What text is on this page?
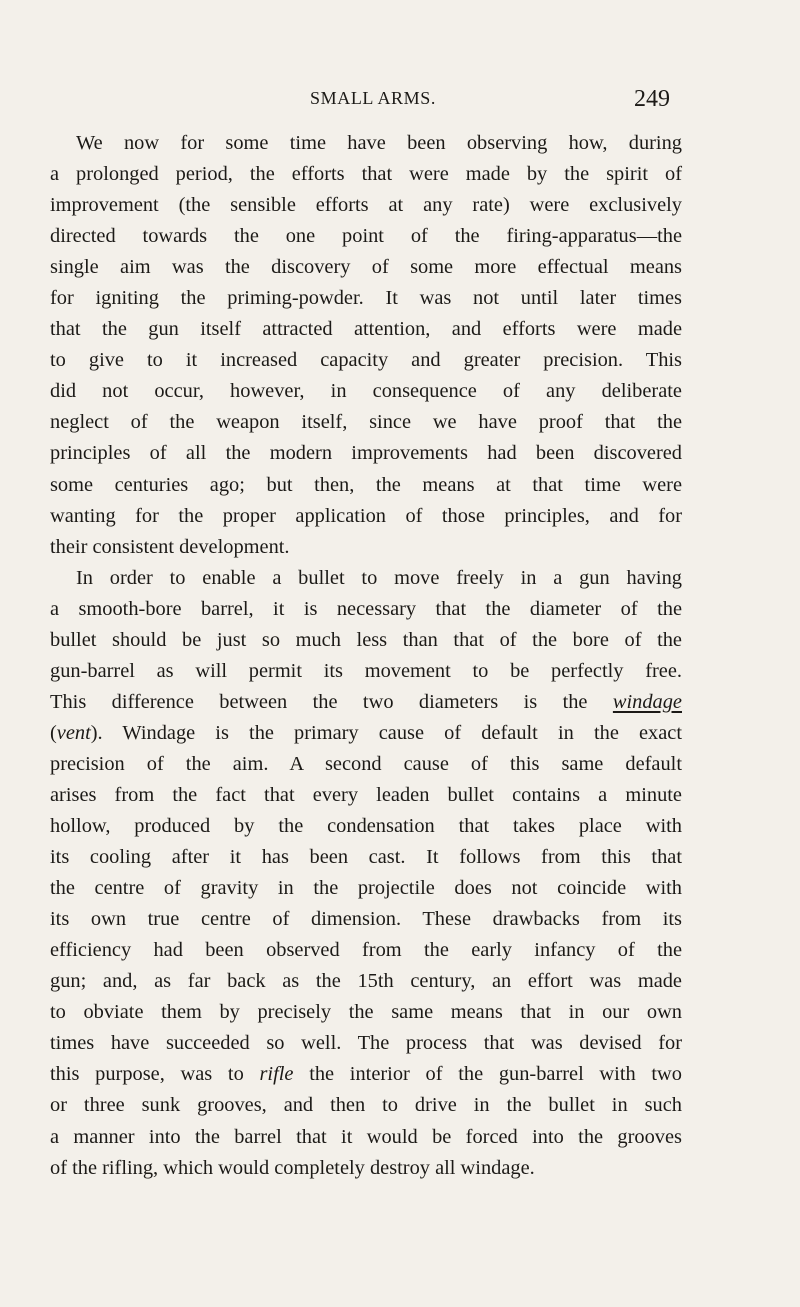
SMALL ARMS.	249
We now for some time have been observing how, during
a prolonged period, the efforts that were made by the spirit of
improvement (the sensible efforts at any rate) were exclusively
directed towards the one point of the firing-apparatus—the
single aim was the discovery of some more effectual means
for igniting the priming-powder. It was not until later times
that the gun itself attracted attention, and efforts were made
to give to it increased capacity and greater precision. This
did not occur, however, in consequence of any deliberate
neglect of the weapon itself, since we have proof that the
principles of all the modern improvements had been discovered
some centuries ago; but then, the means at that time were
wanting for the proper application of those principles, and for
their consistent development.
In order to enable a bullet to move freely in a gun having
a smooth-bore barrel, it is necessary that the diameter of the
bullet should be just so much less than that of the bore of the
gun-barrel as will permit its movement to be perfectly free.
This difference between the two diameters is the windage
(vent). Windage is the primary cause of default in the exact
precision of the aim. A second cause of this same default
arises from the fact that every leaden bullet contains a minute
hollow, produced by the condensation that takes place with
its cooling after it has been cast. It follows from this that
the centre of gravity in the projectile does not coincide with
its own true centre of dimension. These drawbacks from its
efficiency had been observed from the early infancy of the
gun; and, as far back as the 15th century, an effort was made
to obviate them by precisely the same means that in our own
times have succeeded so well. The process that was devised for
this purpose, was to rifle the interior of the gun-barrel with two
or three sunk grooves, and then to drive in the bullet in such
a manner into the barrel that it would be forced into the grooves
of the rifling, which would completely destroy all windage.
